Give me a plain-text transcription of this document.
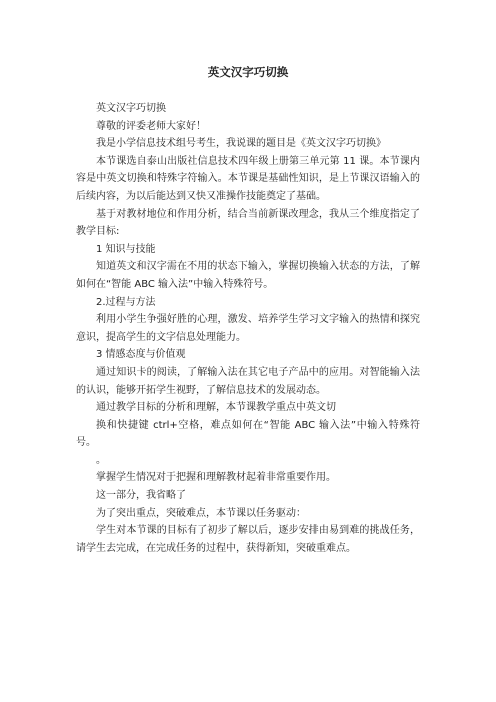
英文汉字巧切换

英文汉字巧切换

尊敬的评委老师大家好！

我是小学信息技术组号考生，我说课的题目是《英文汉字巧切换》

本节课选自泰山出版社信息技术四年级上册第三单元第 11 课。本节课内容是中英文切换和特殊字符输入。本节课是基础性知识，是上节课汉语输入的后续内容，为以后能达到又快又准操作技能奠定了基础。

基于对教材地位和作用分析，结合当前新课改理念，我从三个维度指定了教学目标:

1 知识与技能

知道英文和汉字需在不用的状态下输入，掌握切换输入状态的方法，了解如何在“智能 ABC 输入法”中输入特殊符号。

2.过程与方法

利用小学生争强好胜的心理，激发、培养学生学习文字输入的热情和探究意识，提高学生的文字信息处理能力。

3 情感态度与价值观

通过知识卡的阅读，了解输入法在其它电子产品中的应用。对智能输入法的认识，能够开拓学生视野，了解信息技术的发展动态。

通过教学目标的分析和理解，本节课教学重点中英文切

换和快捷键 ctrl+空格，难点如何在“智能 ABC 输入法”中输入特殊符号。

。

掌握学生情况对于把握和理解教材起着非常重要作用。

这一部分，我省略了

为了突出重点，突破难点，本节课以任务驱动：

学生对本节课的目标有了初步了解以后，逐步安排由易到难的挑战任务，请学生去完成，在完成任务的过程中，获得新知，突破重难点。
